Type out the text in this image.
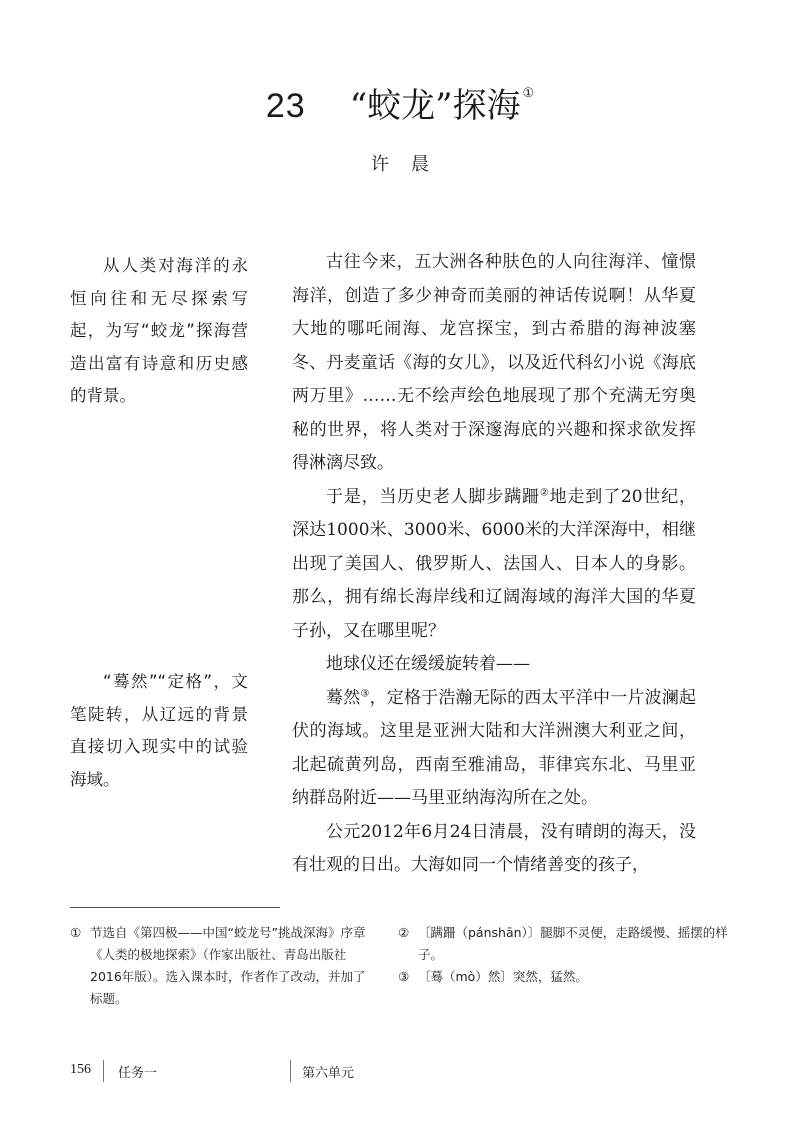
23 “蛟龙”探海 ①
许晨

从人类对海洋的永恒向往和无尽探索写起，为写“蛟龙”探海营造出富有诗意和历史感的背景。

“蓦然”“定格”，文笔陡转，从辽远的背景直接切入现实中的试验海域。

古往今来，五大洲各种肤色的人向往海洋、憧憬海洋，创造了多少神奇而美丽的神话传说啊！从华夏大地的哪吒闹海、龙宫探宝，到古希腊的海神波塞冬、丹麦童话《海的女儿》，以及近代科幻小说《海底两万里》……无不绘声绘色地展现了那个充满无穷奥秘的世界，将人类对于深邃海底的兴趣和探求欲发挥得淋漓尽致。

于是，当历史老人脚步蹒跚②地走到了20世纪，深达1000米、3000米、6000米的大洋深海中，相继出现了美国人、俄罗斯人、法国人、日本人的身影。那么，拥有绵长海岸线和辽阔海域的海洋大国的华夏子孙，又在哪里呢？

地球仪还在缓缓旋转着——

蓦然③，定格于浩瀚无际的西太平洋中一片波澜起伏的海域。这里是亚洲大陆和大洋洲澳大利亚之间，北起硫黄列岛，西南至雅浦岛，菲律宾东北、马里亚纳群岛附近——马里亚纳海沟所在之处。

公元2012年6月24日清晨，没有晴朗的海天，没有壮观的日出。大海如同一个情绪善变的孩子，

① 节选自《第四极——中国“蛟龙号”挑战深海》序章《人类的极地探索》（作家出版社、青岛出版社2016年版）。选入课本时，作者作了改动，并加了标题。

② 〔蹒跚（pánshān）〕腿脚不灵便，走路缓慢、摇摆的样子。

③ 〔蓦（mò）然〕突然，猛然。

156 任务一	第六单元
